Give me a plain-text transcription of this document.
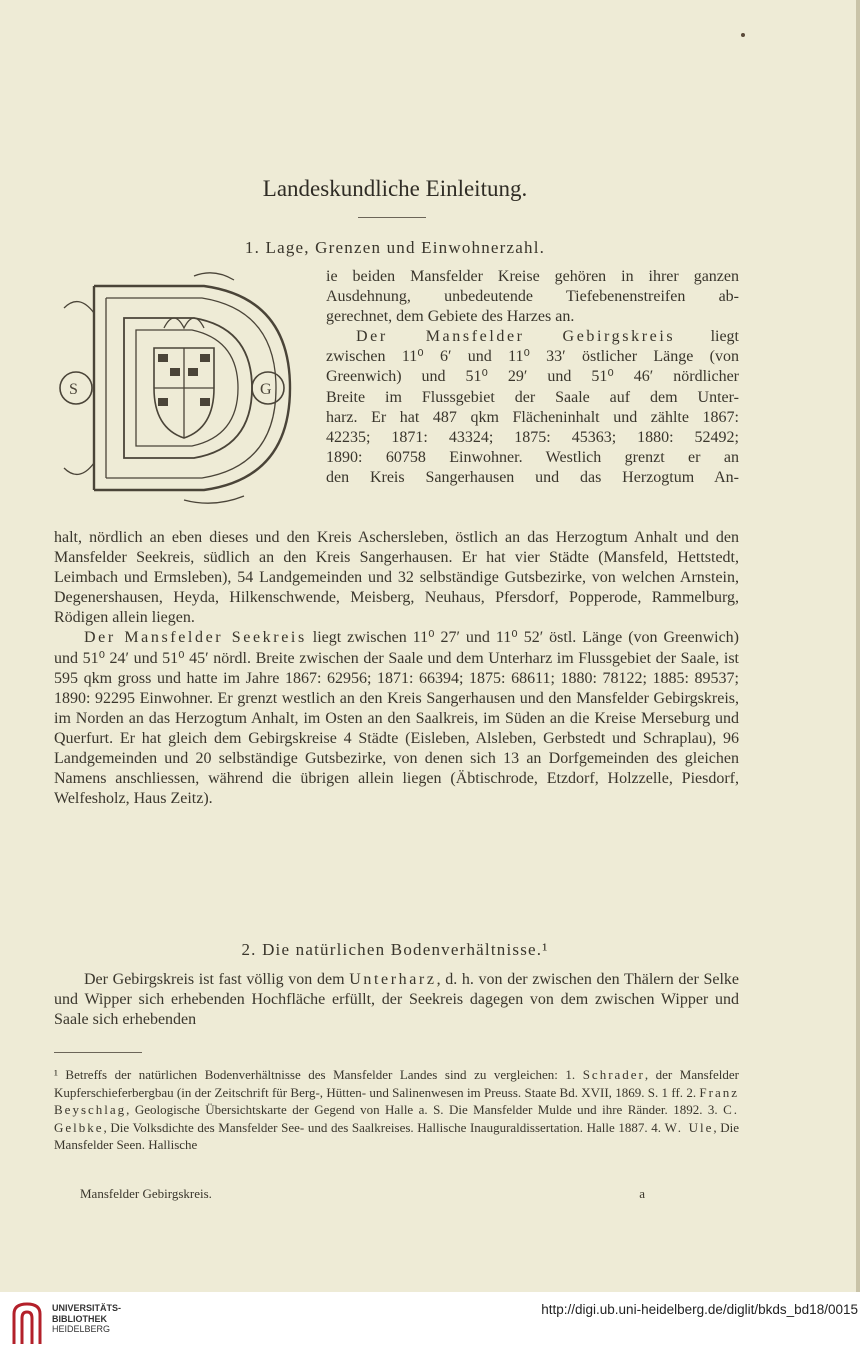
Landeskundliche Einleitung.
1. Lage, Grenzen und Einwohnerzahl.
S	G
ie beiden Mansfelder Kreise gehören in ihrer ganzen
Ausdehnung, unbedeutende Tiefebenenstreifen ab-
gerechnet, dem Gebiete des Harzes an.
Der Mansfelder Gebirgskreis liegt
zwischen 11⁰ 6′ und 11⁰ 33′ östlicher Länge (von
Greenwich) und 51⁰ 29′ und 51⁰ 46′ nördlicher
Breite im Flussgebiet der Saale auf dem Unter-
harz. Er hat 487 qkm Flächeninhalt und zählte 1867:
42235; 1871: 43324; 1875: 45363; 1880: 52492;
1890: 60758 Einwohner. Westlich grenzt er an
den Kreis Sangerhausen und das Herzogtum An-
halt, nördlich an eben dieses und den Kreis Aschersleben, östlich an das Herzogtum Anhalt und den Mansfelder Seekreis, südlich an den Kreis Sangerhausen. Er hat vier Städte (Mansfeld, Hettstedt, Leimbach und Ermsleben), 54 Landgemeinden und 32 selbständige Gutsbezirke, von welchen Arnstein, Degenershausen, Heyda, Hilkenschwende, Meisberg, Neuhaus, Pfersdorf, Popperode, Rammelburg, Rödigen allein liegen.
Der Mansfelder Seekreis liegt zwischen 11⁰ 27′ und 11⁰ 52′ östl. Länge (von Greenwich) und 51⁰ 24′ und 51⁰ 45′ nördl. Breite zwischen der Saale und dem Unterharz im Flussgebiet der Saale, ist 595 qkm gross und hatte im Jahre 1867: 62956; 1871: 66394; 1875: 68611; 1880: 78122; 1885: 89537; 1890: 92295 Einwohner. Er grenzt westlich an den Kreis Sangerhausen und den Mansfelder Gebirgskreis, im Norden an das Herzogtum Anhalt, im Osten an den Saalkreis, im Süden an die Kreise Merseburg und Querfurt. Er hat gleich dem Gebirgskreise 4 Städte (Eisleben, Alsleben, Gerbstedt und Schraplau), 96 Landgemeinden und 20 selbständige Gutsbezirke, von denen sich 13 an Dorfgemeinden des gleichen Namens anschliessen, während die übrigen allein liegen (Äbtischrode, Etzdorf, Holzzelle, Piesdorf, Welfesholz, Haus Zeitz).
2. Die natürlichen Bodenverhältnisse.¹
Der Gebirgskreis ist fast völlig von dem Unterharz, d. h. von der zwischen den Thälern der Selke und Wipper sich erhebenden Hochfläche erfüllt, der Seekreis dagegen von dem zwischen Wipper und Saale sich erhebenden
¹ Betreffs der natürlichen Bodenverhältnisse des Mansfelder Landes sind zu vergleichen: 1. Schrader, der Mansfelder Kupferschieferbergbau (in der Zeitschrift für Berg-, Hütten- und Salinenwesen im Preuss. Staate Bd. XVII, 1869. S. 1 ff. 2. Franz Beyschlag, Geologische Übersichtskarte der Gegend von Halle a. S. Die Mansfelder Mulde und ihre Ränder. 1892. 3. C. Gelbke, Die Volksdichte des Mansfelder See- und des Saalkreises. Hallische Inauguraldissertation. Halle 1887. 4. W. Ule, Die Mansfelder Seen. Hallische
Mansfelder Gebirgskreis.	a
UNIVERSITÄTS-
BIBLIOTHEK
HEIDELBERG
http://digi.ub.uni-heidelberg.de/diglit/bkds_bd18/0015
